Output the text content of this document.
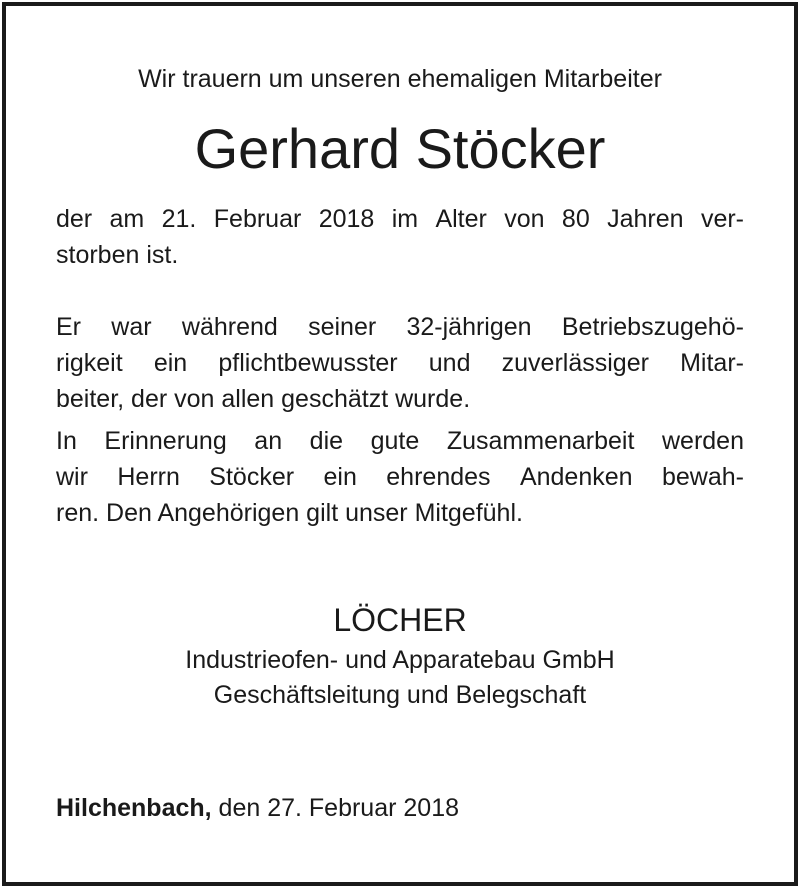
Wir trauern um unseren ehemaligen Mitarbeiter
Gerhard Stöcker
der am 21. Februar 2018 im Alter von 80 Jahren ver-
storben ist.
Er war während seiner 32-jährigen Betriebszugehö-
rigkeit ein pflichtbewusster und zuverlässiger Mitar-
beiter, der von allen geschätzt wurde.
In Erinnerung an die gute Zusammenarbeit werden
wir Herrn Stöcker ein ehrendes Andenken bewah-
ren. Den Angehörigen gilt unser Mitgefühl.
LÖCHER
Industrieofen- und Apparatebau GmbH
Geschäftsleitung und Belegschaft
Hilchenbach, den 27. Februar 2018
